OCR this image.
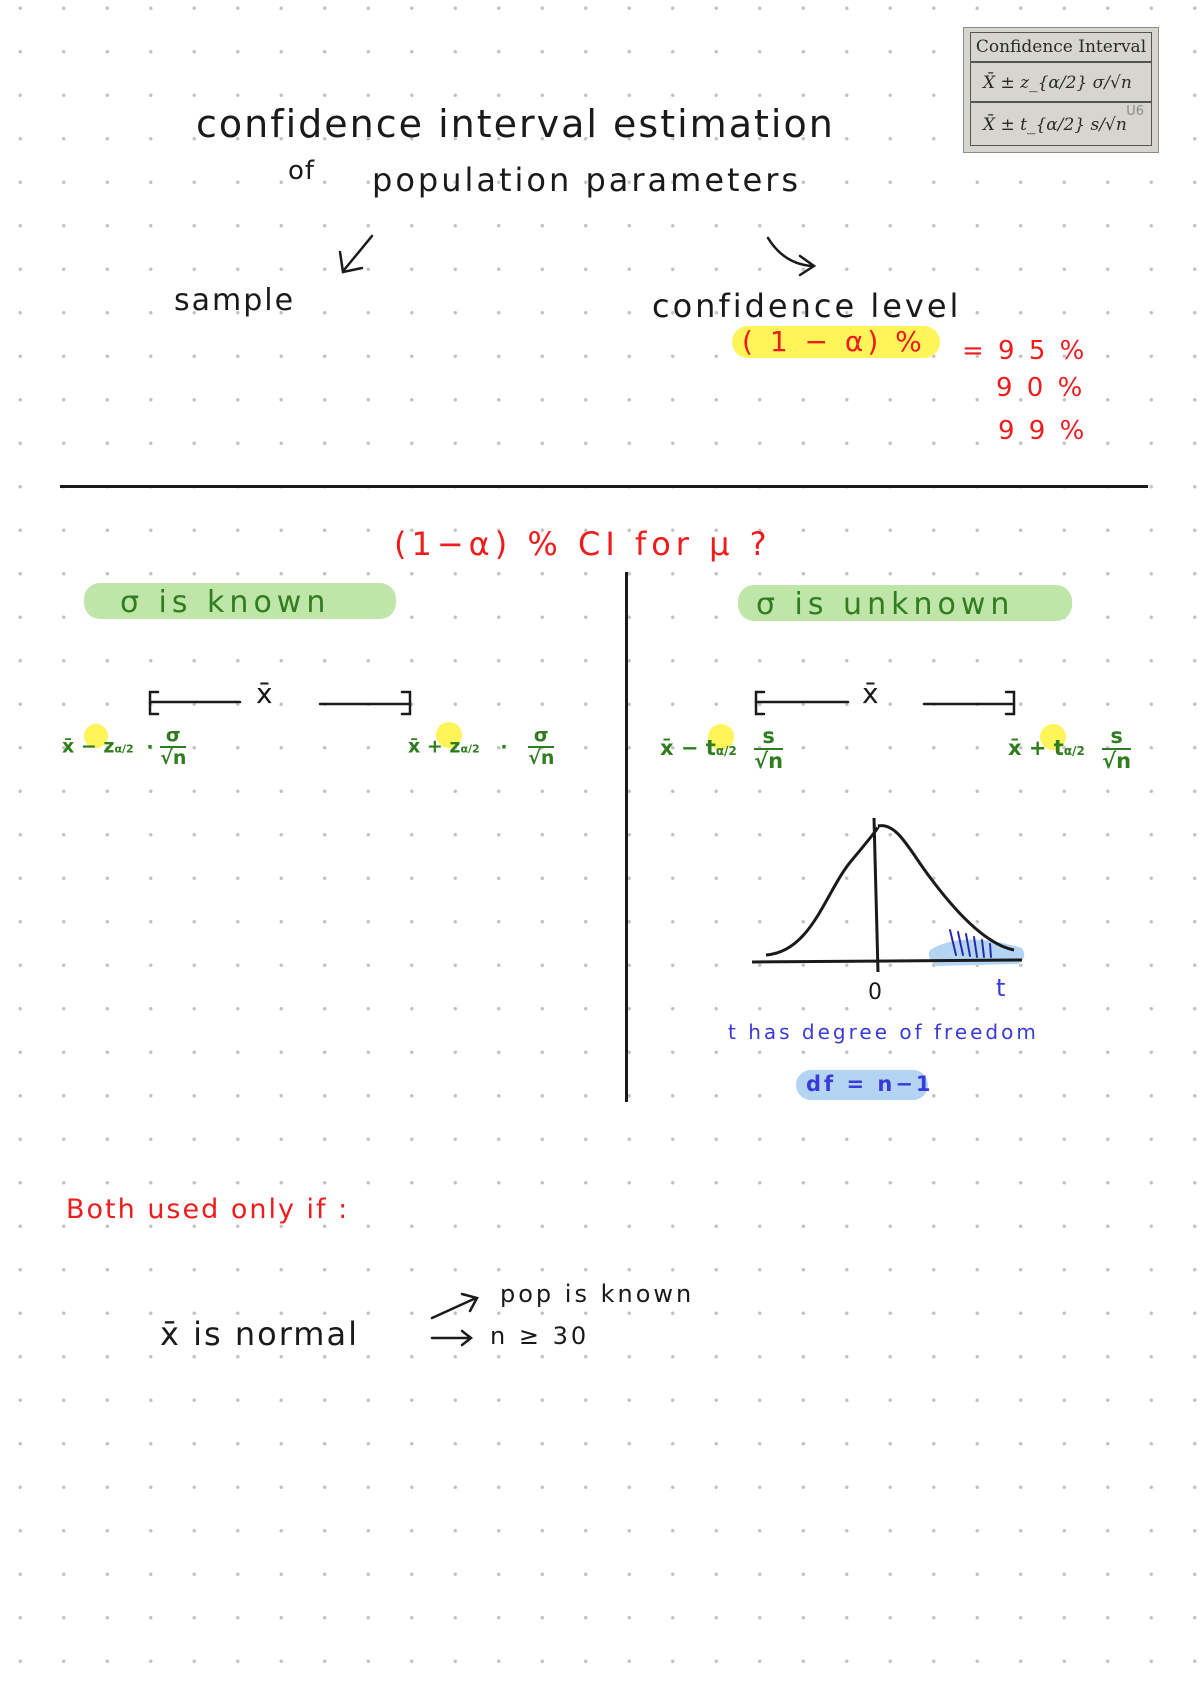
Confidence Interval
X̄ ± z_{α/2} σ/√n
X̄ ± t_{α/2} s/√n
U6
confidence interval estimation
of population parameters
sample	confidence level
( 1 − α) % = 9 5 %
9 0 %
9 9 %
(1−α) % CI for μ ?
σ is known	σ is unknown
x̄	x̄
x̄ − $z\alpha/2 \cdot \frac{\sigma}{√n}$	x̄ + $z\alpha/2 \cdot \frac{\sigma}{√n}$	x̄ − $t\alpha/2 \frac{s}{√n}$	x̄ + $t\alpha/2 \frac{s}{√n}$
0	t
t has degree of freedom
df = n−1
Both used only if :
x̄ is normal
pop is known
n ≥ 30
